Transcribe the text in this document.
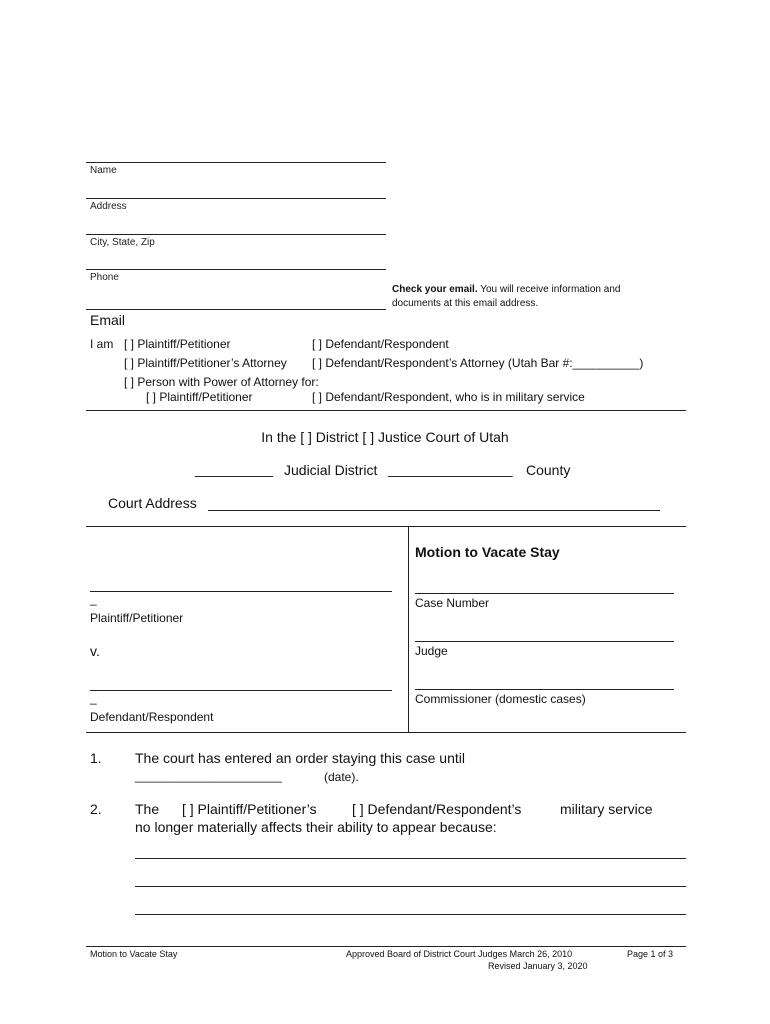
Name
Address
City, State, Zip
Phone
Email
Check your email. You will receive information and
documents at this email address.
I am [ ] Plaintiff/Petitioner	[ ] Defendant/Respondent
[ ] Plaintiff/Petitioner’s Attorney [ ] Defendant/Respondent’s Attorney (Utah Bar #:__________)
[ ] Person with Power of Attorney for:
[ ] Plaintiff/Petitioner	[ ] Defendant/Respondent, who is in military service
In the [ ] District [ ] Justice Court of Utah
__________ Judicial District ________________ County
Court Address
_
Plaintiff/Petitioner
v.
_
Defendant/Respondent
Motion to Vacate Stay
Case Number
Judge
Commissioner (domestic cases)
1. The court has entered an order staying this case until
______________________	(date).
2. The [ ] Plaintiff/Petitioner’s	[ ] Defendant/Respondent’s	military service
no longer materially affects their ability to appear because:
Motion to Vacate Stay	Approved Board of District Court Judges March 26, 2010
Revised January 3, 2020
Page 1 of 3
